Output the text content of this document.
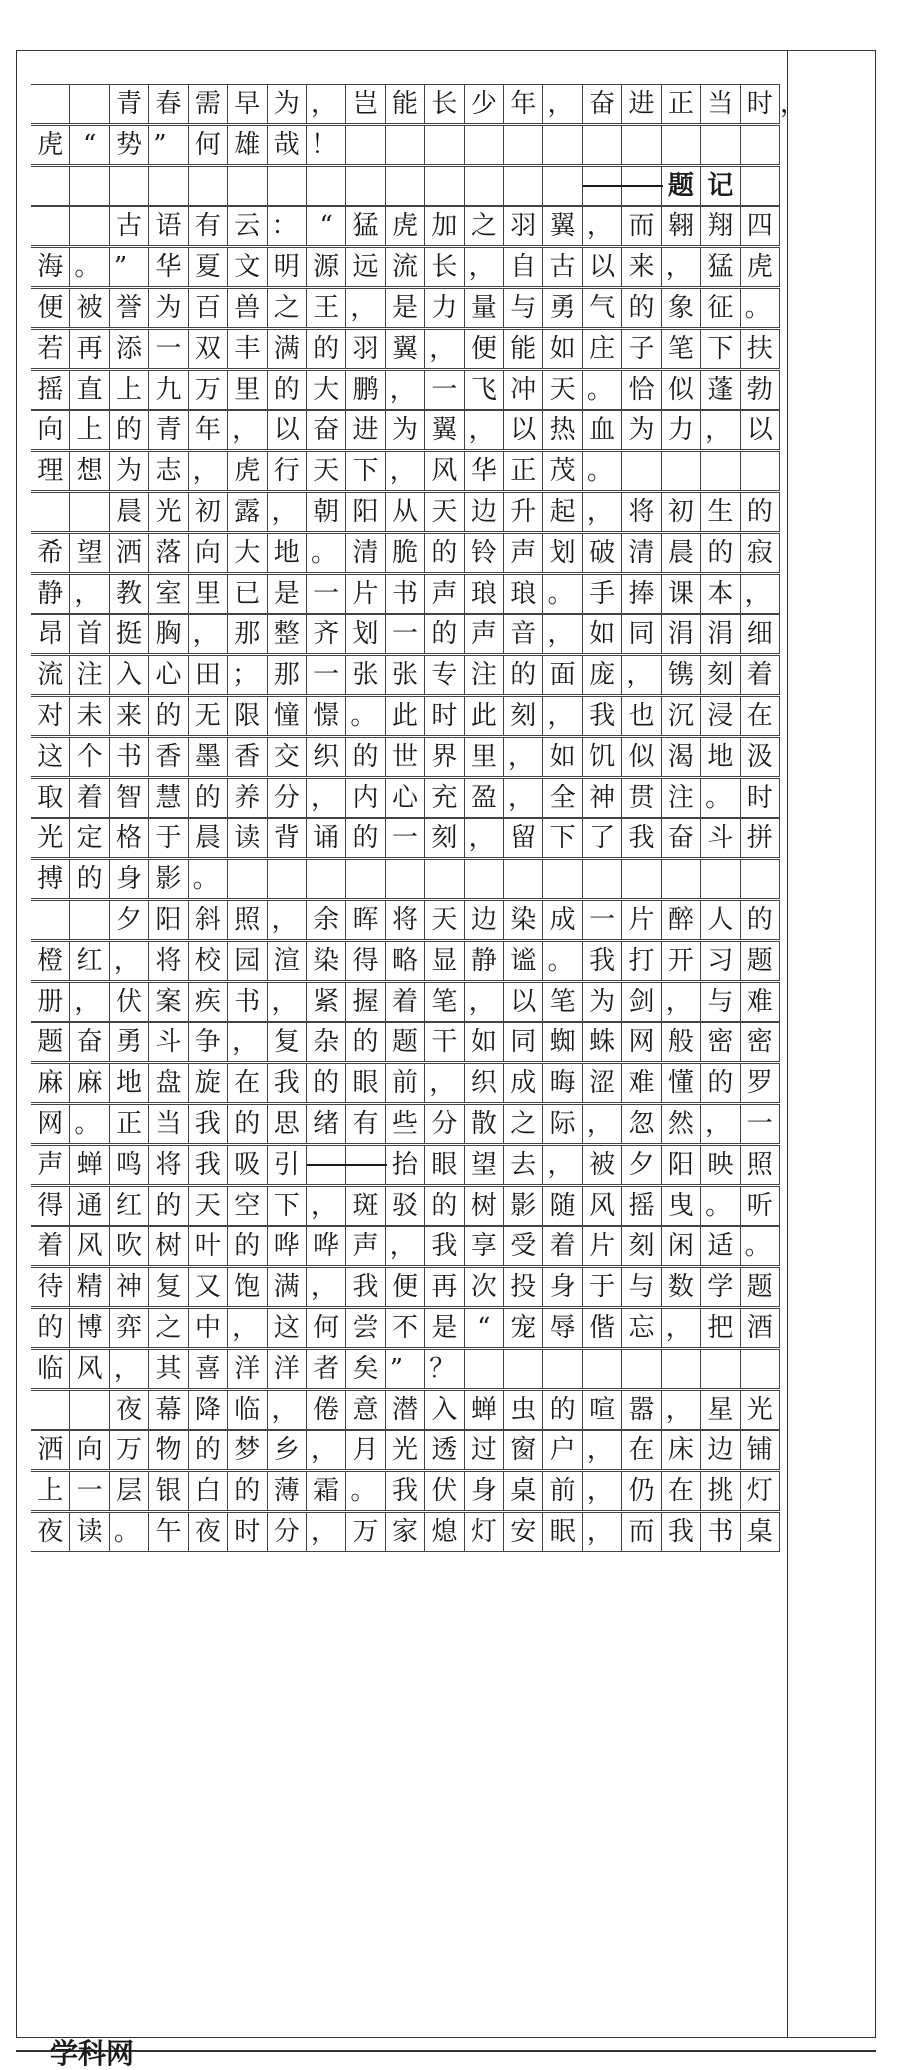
青 春 需 早 为 ， 岂 能 长 少 年 ， 奋 进 正 当 时
虎 “ 势 ”	何 雄 哉 ！
题 记
古 语 有 云 ： “ 猛 虎 加 之 羽 翼 ， 而 翱 翔 四
海 。 ”	华 夏 文 明 源 远 流 长 ， 自 古 以 来 ， 猛 虎
便 被 誉 为 百 兽 之 王 ， 是 力 量 与 勇 气 的 象 征 。
若 再 添 一 双 丰 满 的 羽 翼 ， 便 能 如 庄 子 笔 下 扶
摇 直 上 九 万 里 的 大 鹏 ， 一 飞 冲 天 。 恰 似 蓬 勃
向 上 的 青 年 ， 以 奋 进 为 翼 ， 以 热 血 为 力 ， 以
理 想 为 志 ， 虎 行 天 下 ， 风 华 正 茂 。
晨 光 初 露 ， 朝 阳 从 天 边 升 起 ， 将 初 生 的
希 望 洒 落 向 大 地 。 清 脆 的 铃 声 划 破 清 晨 的 寂
静 ， 教 室 里 已 是 一 片 书 声 琅 琅 。 手 捧 课 本 ，
昂 首 挺 胸 ， 那 整 齐 划 一 的 声 音 ， 如 同 涓 涓 细
流 注 入 心 田 ； 那 一 张 张 专 注 的 面 庞 ， 镌 刻 着
对 未 来 的 无 限 憧 憬 。 此 时 此 刻 ， 我 也 沉 浸 在
这 个 书 香 墨 香 交 织 的 世 界 里 ， 如 饥 似 渴 地 汲
取 着 智 慧 的 养 分 ， 内 心 充 盈 ， 全 神 贯 注 。 时
光 定 格 于 晨 读 背 诵 的 一 刻 ， 留 下 了 我 奋 斗 拼
搏 的 身 影 。
夕 阳 斜 照 ， 余 晖 将 天 边 染 成 一 片 醉 人 的
橙 红 ， 将 校 园 渲 染 得 略 显 静 谧 。 我 打 开 习 题
册 ， 伏 案 疾 书 ， 紧 握 着 笔 ， 以 笔 为 剑 ， 与 难
题 奋 勇 斗 争 ， 复 杂 的 题 干 如 同 蜘 蛛 网 般 密 密
麻 麻 地 盘 旋 在 我 的 眼 前 ， 织 成 晦 涩 难 懂 的 罗
网 。 正 当 我 的 思 绪 有 些 分 散 之 际 ， 忽 然 ， 一
声 蝉 鸣 将 我 吸 引	抬 眼 望 去 ， 被 夕 阳 映 照
得 通 红 的 天 空 下 ， 斑 驳 的 树 影 随 风 摇 曳 。 听
着 风 吹 树 叶 的 哗 哗 声 ， 我 享 受 着 片 刻 闲 适 。
待 精 神 复 又 饱 满 ， 我 便 再 次 投 身 于 与 数 学 题
的 博 弈 之 中 ， 这 何 尝 不 是 “ 宠 辱 偕 忘 ， 把 酒
临 风 ， 其 喜 洋 洋 者 矣 ”	？
夜 幕 降 临 ， 倦 意 潜 入 蝉 虫 的 喧 嚣 ， 星 光
洒 向 万 物 的 梦 乡 ， 月 光 透 过 窗 户 ， 在 床 边 铺
上 一 层 银 白 的 薄 霜 。 我 伏 身 桌 前 ， 仍 在 挑 灯
夜 读 。 午 夜 时 分 ， 万 家 熄 灯 安 眠 ， 而 我 书 桌
，
学科网
